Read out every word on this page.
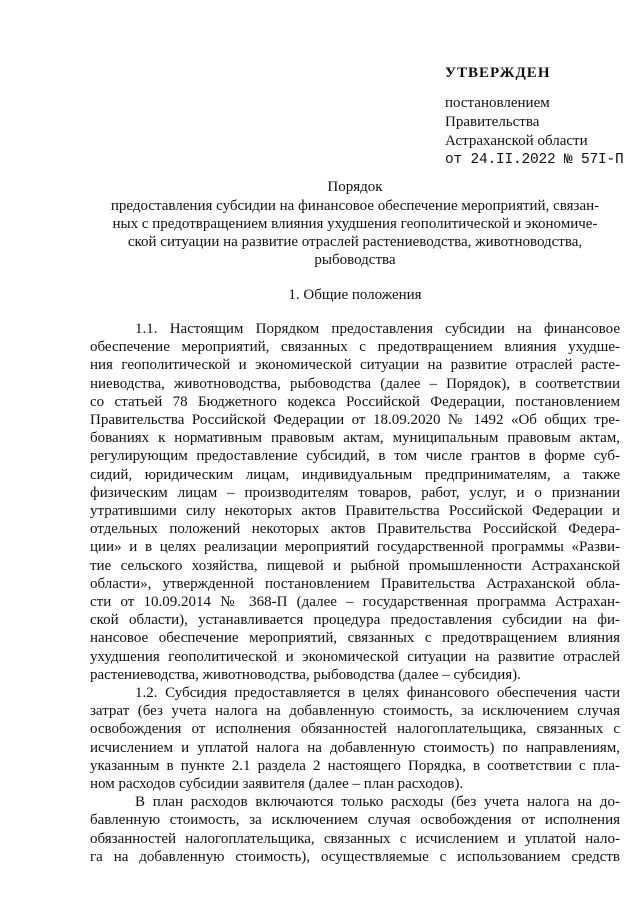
УТВЕРЖДЕН
постановлением
Правительства
Астраханской области
от 24.II.2022 № 57I-П
Порядок
предоставления субсидии на финансовое обеспечение мероприятий, связан-
ных с предотвращением влияния ухудшения геополитической и экономиче-
ской ситуации на развитие отраслей растениеводства, животноводства,
рыбоводства
1. Общие положения
1.1. Настоящим Порядком предоставления субсидии на финансовое
обеспечение мероприятий, связанных с предотвращением влияния ухудше-
ния геополитической и экономической ситуации на развитие отраслей расте-
ниеводства, животноводства, рыбоводства (далее – Порядок), в соответствии
со статьей 78 Бюджетного кодекса Российской Федерации, постановлением
Правительства Российской Федерации от 18.09.2020 № 1492 «Об общих тре-
бованиях к нормативным правовым актам, муниципальным правовым актам,
регулирующим предоставление субсидий, в том числе грантов в форме суб-
сидий, юридическим лицам, индивидуальным предпринимателям, а также
физическим лицам – производителям товаров, работ, услуг, и о признании
утратившими силу некоторых актов Правительства Российской Федерации и
отдельных положений некоторых актов Правительства Российской Федера-
ции» и в целях реализации мероприятий государственной программы «Разви-
тие сельского хозяйства, пищевой и рыбной промышленности Астраханской
области», утвержденной постановлением Правительства Астраханской обла-
сти от 10.09.2014 № 368-П (далее – государственная программа Астрахан-
ской области), устанавливается процедура предоставления субсидии на фи-
нансовое обеспечение мероприятий, связанных с предотвращением влияния
ухудшения геополитической и экономической ситуации на развитие отраслей
растениеводства, животноводства, рыбоводства (далее – субсидия).
1.2. Субсидия предоставляется в целях финансового обеспечения части
затрат (без учета налога на добавленную стоимость, за исключением случая
освобождения от исполнения обязанностей налогоплательщика, связанных с
исчислением и уплатой налога на добавленную стоимость) по направлениям,
указанным в пункте 2.1 раздела 2 настоящего Порядка, в соответствии с пла-
ном расходов субсидии заявителя (далее – план расходов).
В план расходов включаются только расходы (без учета налога на до-
бавленную стоимость, за исключением случая освобождения от исполнения
обязанностей налогоплательщика, связанных с исчислением и уплатой нало-
га на добавленную стоимость), осуществляемые с использованием средств
